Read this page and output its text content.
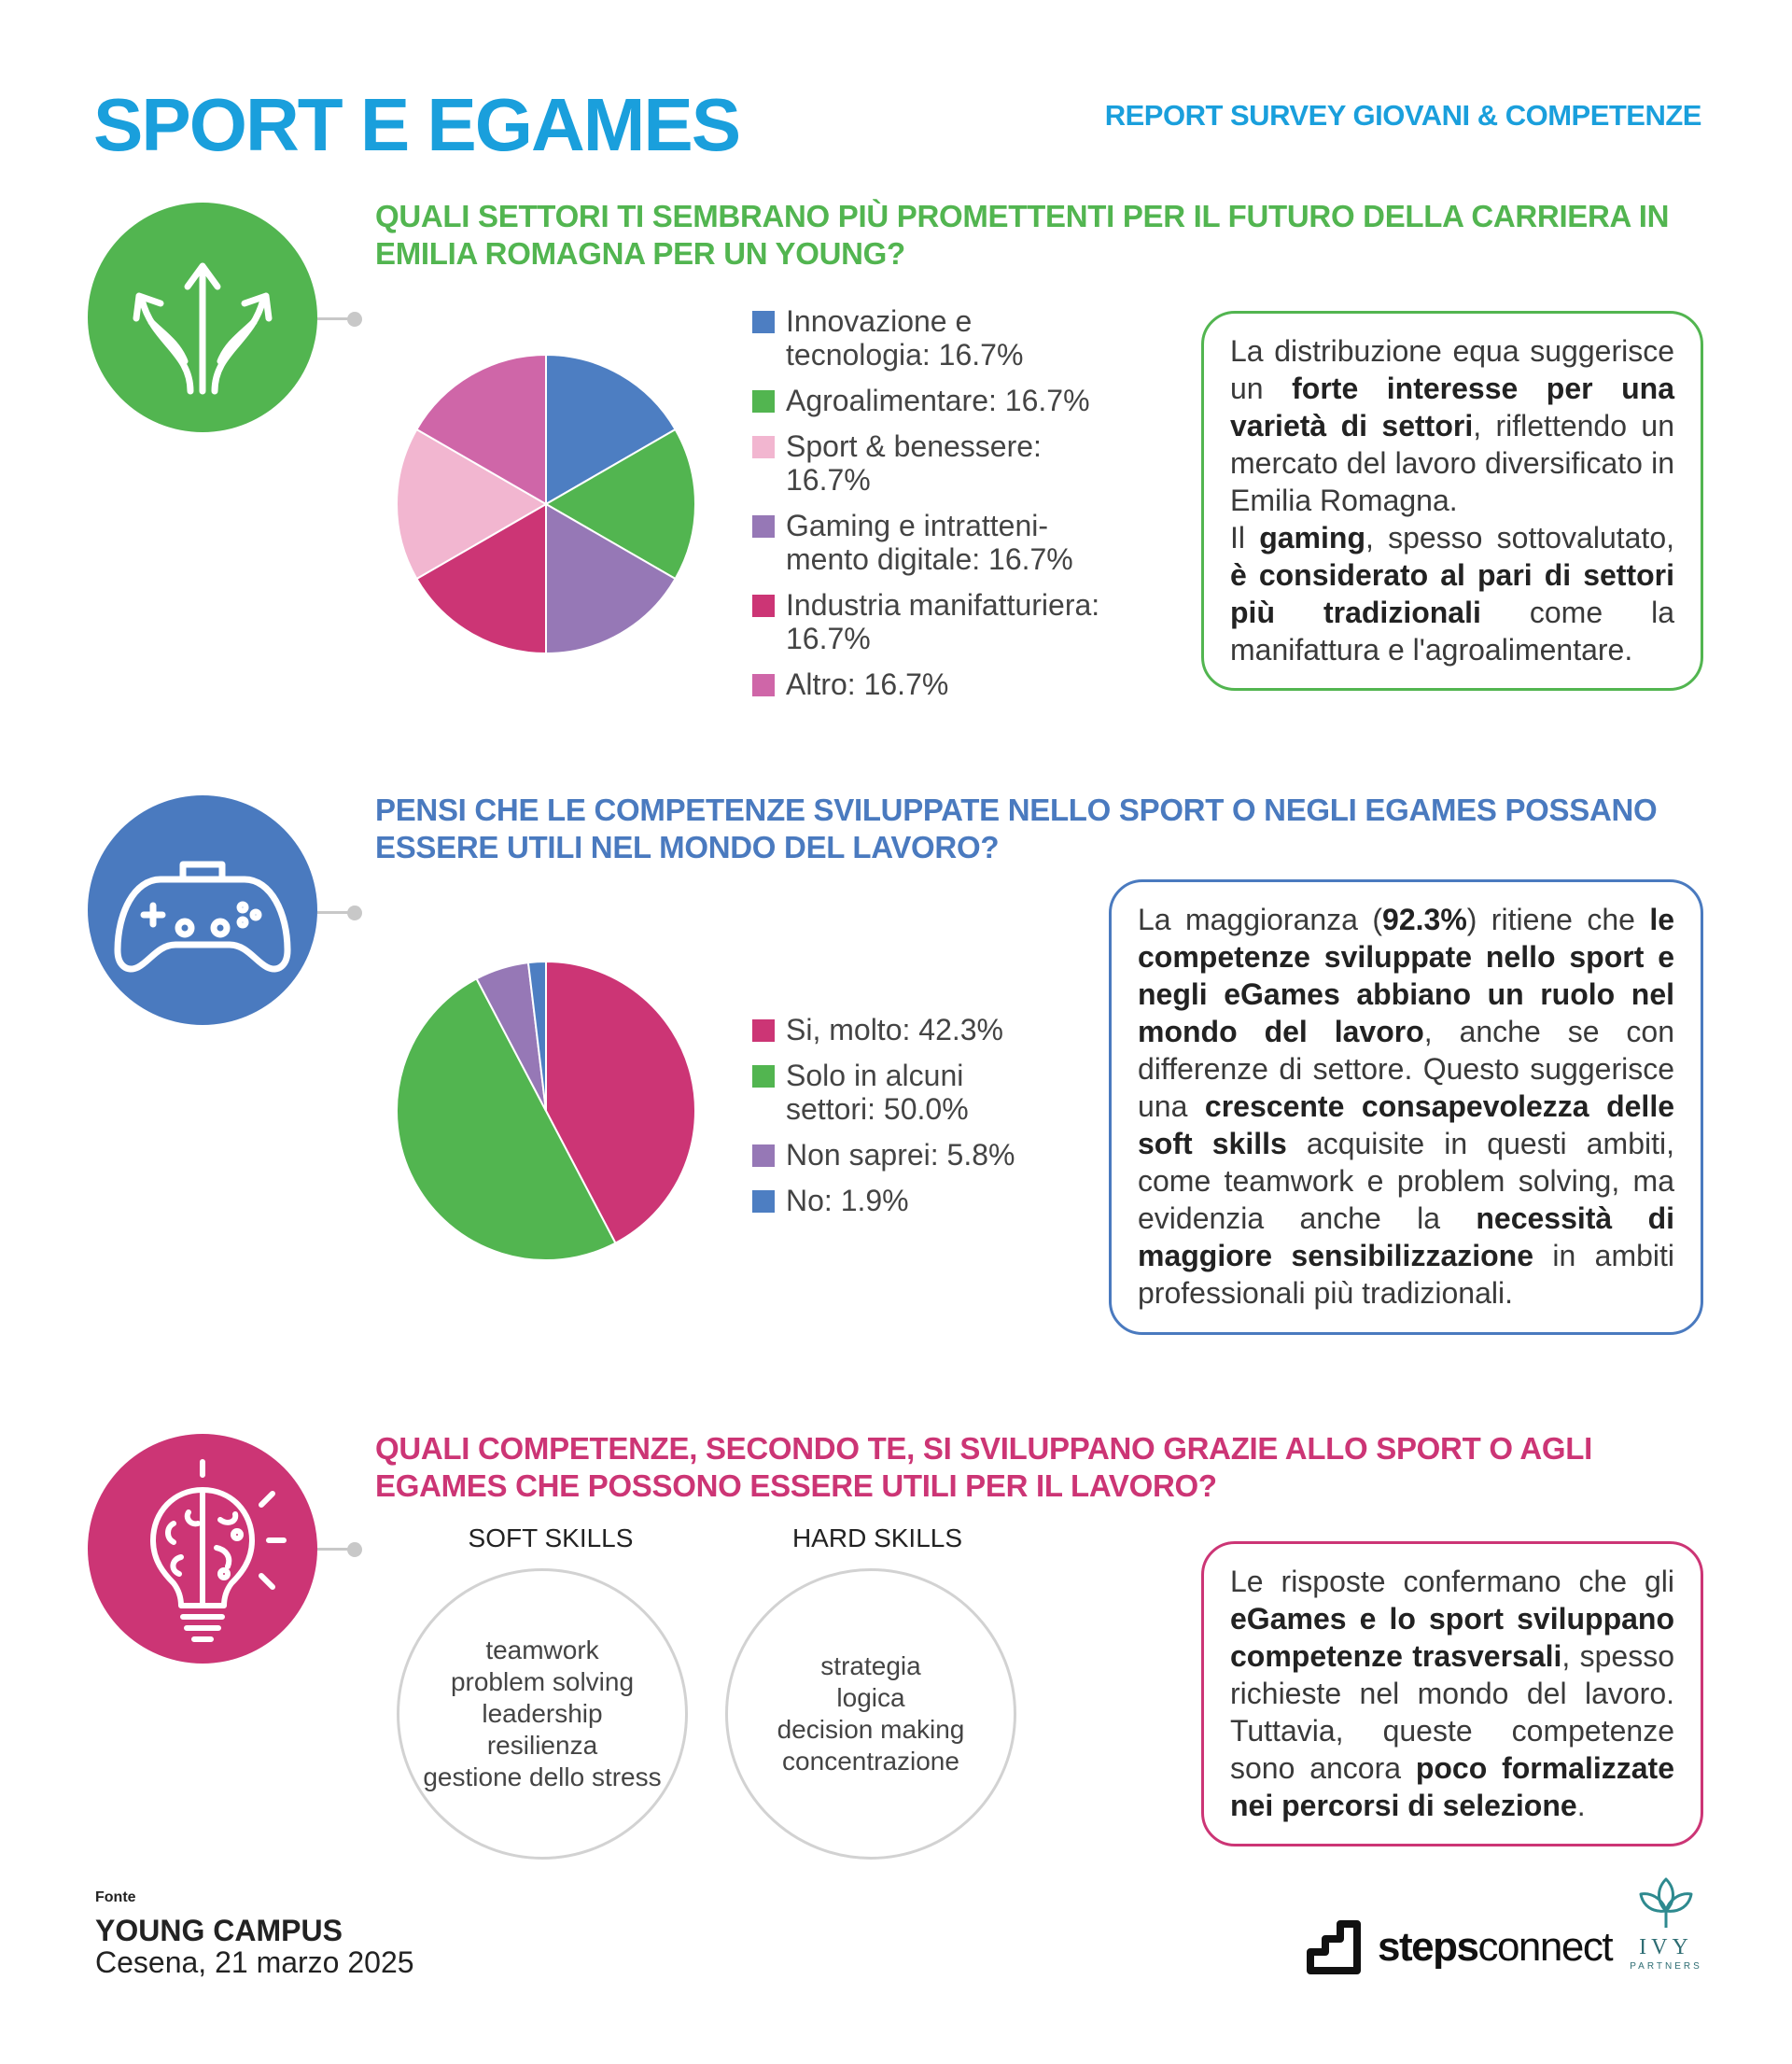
SPORT E EGAMES	REPORT SURVEY GIOVANI & COMPETENZE
QUALI SETTORI TI SEMBRANO PIÙ PROMETTENTI PER IL FUTURO DELLA CARRIERA IN EMILIA ROMAGNA PER UN YOUNG?
Innovazione e tecnologia: 16.7%
Agroalimentare: 16.7%
Sport & benessere: 16.7%
Gaming e intratteni-mento digitale: 16.7%
Industria manifatturiera: 16.7%
Altro: 16.7%
La distribuzione equa suggerisce un forte interesse per una varietà di settori, riflettendo un mercato del lavoro diversificato in Emilia Romagna.
Il gaming, spesso sottovalutato, è considerato al pari di settori più tradizionali come la manifattura e l'agroalimentare.
PENSI CHE LE COMPETENZE SVILUPPATE NELLO SPORT O NEGLI EGAMES POSSANO ESSERE UTILI NEL MONDO DEL LAVORO?
Si, molto: 42.3%
Solo in alcuni settori: 50.0%
Non saprei: 5.8%
No: 1.9%
La maggioranza (92.3%) ritiene che le competenze sviluppate nello sport e negli eGames abbiano un ruolo nel mondo del lavoro, anche se con differenze di settore. Questo suggerisce una crescente consapevolezza delle soft skills acquisite in questi ambiti, come teamwork e problem solving, ma evidenzia anche la necessità di maggiore sensibilizzazione in ambiti professionali più tradizionali.
QUALI COMPETENZE, SECONDO TE, SI SVILUPPANO GRAZIE ALLO SPORT O AGLI EGAMES CHE POSSONO ESSERE UTILI PER IL LAVORO?
SOFT SKILLS
teamwork
problem solving
leadership
resilienza
gestione dello stress
HARD SKILLS
strategia
logica
decision making
concentrazione
Le risposte confermano che gli eGames e lo sport sviluppano competenze trasversali, spesso richieste nel mondo del lavoro. Tuttavia, queste competenze sono ancora poco formalizzate nei percorsi di selezione.
Fonte
YOUNG CAMPUS
Cesena, 21 marzo 2025	stepsconnect	IVY
PARTNERS
